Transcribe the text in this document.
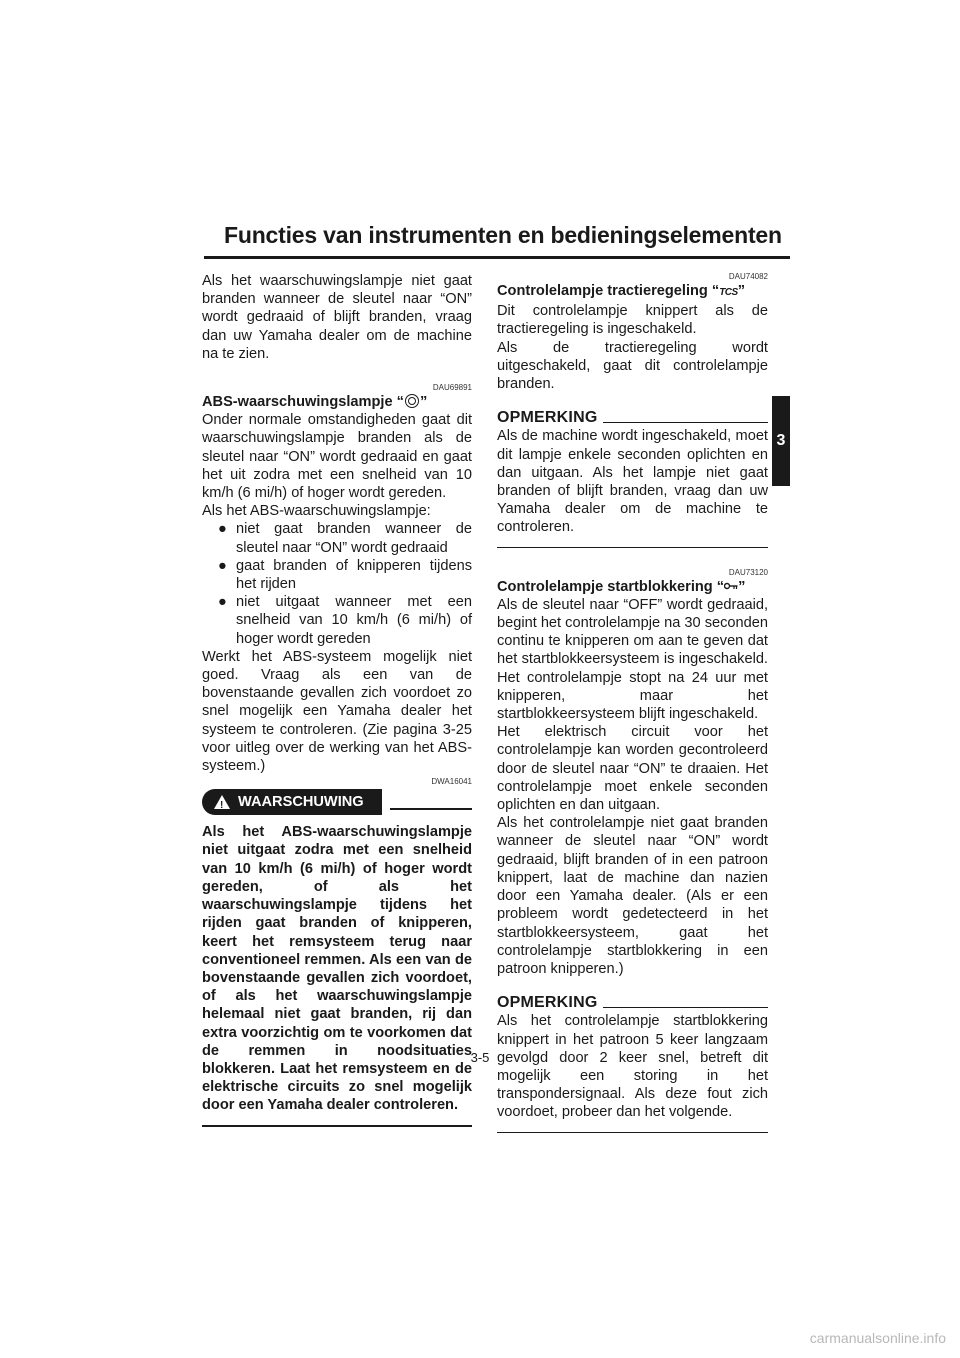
Functies van instrumenten en bedieningselementen
3

Als het waarschuwingslampje niet gaat branden wanneer de sleutel naar “ON” wordt gedraaid of blijft branden, vraag dan uw Yamaha dealer om de machine na te zien.

DAU69891

ABS-waarschuwingslampje “ ”

Onder normale omstandigheden gaat dit waarschuwingslampje branden als de sleutel naar “ON” wordt gedraaid en gaat het uit zodra met een snelheid van 10 km/h (6 mi/h) of hoger wordt gereden.

Als het ABS-waarschuwingslampje:

● niet gaat branden wanneer de sleutel naar “ON” wordt gedraaid
● gaat branden of knipperen tijdens het rijden
● niet uitgaat wanneer met een snelheid van 10 km/h (6 mi/h) of hoger wordt gereden

Werkt het ABS-systeem mogelijk niet goed. Vraag als een van de bovenstaande gevallen zich voordoet zo snel mogelijk een Yamaha dealer het systeem te controleren. (Zie pagina 3-25 voor uitleg over de werking van het ABS-systeem.)

DWA16041
!
WAARSCHUWING

Als het ABS-waarschuwingslampje niet uitgaat zodra met een snelheid van 10 km/h (6 mi/h) of hoger wordt gereden, of als het waarschuwingslampje tijdens het rijden gaat branden of knipperen, keert het remsysteem terug naar conventioneel remmen. Als een van de bovenstaande gevallen zich voordoet, of als het waarschuwingslampje helemaal niet gaat branden, rij dan extra voorzichtig om te voorkomen dat de remmen in noodsituaties blokkeren. Laat het remsysteem en de elektrische circuits zo snel mogelijk door een Yamaha dealer controleren.

DAU74082

Controlelampje tractieregeling “TCS”

Dit controlelampje knippert als de tractieregeling is ingeschakeld.

Als de tractieregeling wordt uitgeschakeld, gaat dit controlelampje branden.

OPMERKING

Als de machine wordt ingeschakeld, moet dit lampje enkele seconden oplichten en dan uitgaan. Als het lampje niet gaat branden of blijft branden, vraag dan uw Yamaha dealer om de machine te controleren.

DAU73120

Controlelampje startblokkering “ ”

Als de sleutel naar “OFF” wordt gedraaid, begint het controlelampje na 30 seconden continu te knipperen om aan te geven dat het startblokkeersysteem is ingeschakeld. Het controlelampje stopt na 24 uur met knipperen, maar het startblokkeersysteem blijft ingeschakeld.

Het elektrisch circuit voor het controlelampje kan worden gecontroleerd door de sleutel naar “ON” te draaien. Het controlelampje moet enkele seconden oplichten en dan uitgaan.

Als het controlelampje niet gaat branden wanneer de sleutel naar “ON” wordt gedraaid, blijft branden of in een patroon knippert, laat de machine dan nazien door een Yamaha dealer. (Als er een probleem wordt gedetecteerd in het startblokkeersysteem, gaat het controlelampje startblokkering in een patroon knipperen.)

OPMERKING

Als het controlelampje startblokkering knippert in het patroon 5 keer langzaam gevolgd door 2 keer snel, betreft dit mogelijk een storing in het transpondersignaal. Als deze fout zich voordoet, probeer dan het volgende.

3-5
carmanualsonline.info
